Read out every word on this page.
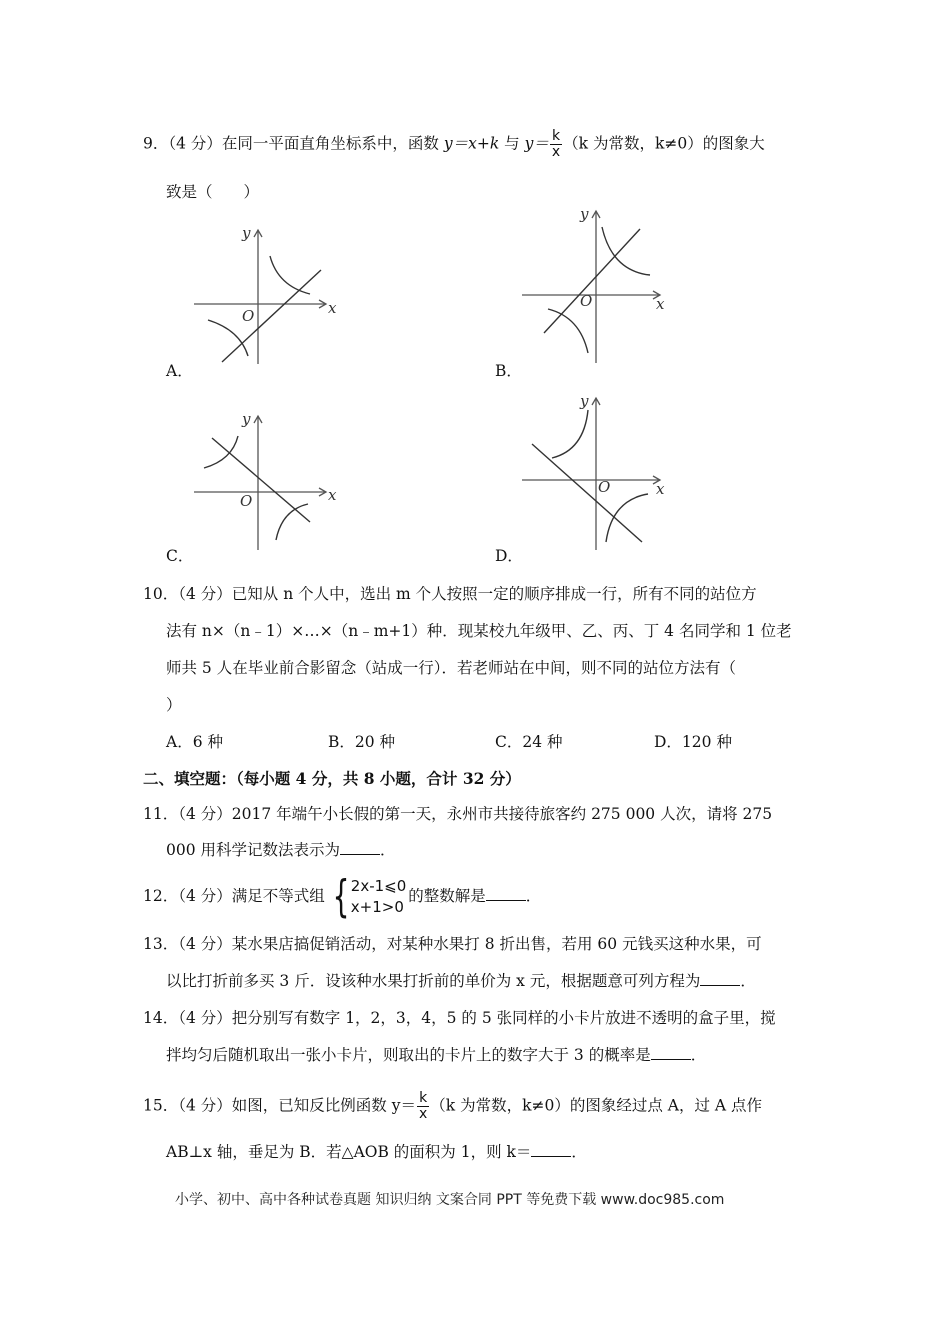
9．（4 分）在同一平面直角坐标系中，函数 y＝x+k 与 $y= \frac{k}{x} (k$ 为常数，k≠0）的图象大
致是（　　）
y
x
O
A．
y
x
O
B．
y
x
O
C．
y
x
O
D．
10．（4 分）已知从 n 个人中，选出 m 个人按照一定的顺序排成一行，所有不同的站位方
法有 n×（n﹣1）×…×（n﹣m+1）种．现某校九年级甲、乙、丙、丁 4 名同学和 1 位老
师共 5 人在毕业前合影留念（站成一行）．若老师站在中间，则不同的站位方法有（
）
A．6 种	B．20 种	C．24 种	D．120 种
二、填空题：（每小题 4 分，共 8 小题，合计 32 分）
11．（4 分）2017 年端午小长假的第一天，永州市共接待旅客约 275 000 人次，请将 275
000 用科学记数法表示为	．
12．（4 分）满足不等式组 { 2x-1⩽0
x+1>0
的整数解是	．
13．（4 分）某水果店搞促销活动，对某种水果打 8 折出售，若用 60 元钱买这种水果，可
以比打折前多买 3 斤．设该种水果打折前的单价为 x 元，根据题意可列方程为	．
14．（4 分）把分别写有数字 1，2，3，4，5 的 5 张同样的小卡片放进不透明的盒子里，搅
拌均匀后随机取出一张小卡片，则取出的卡片上的数字大于 3 的概率是	．
15．（4 分）如图，已知反比例函数 $y= \frac{k}{x} (k$ 为常数，k≠0）的图象经过点 A，过 A 点作
AB⊥x 轴，垂足为 B．若△AOB 的面积为 1，则 k＝	．
小学、初中、高中各种试卷真题 知识归纳 文案合同 PPT 等免费下载 www.doc985.com
